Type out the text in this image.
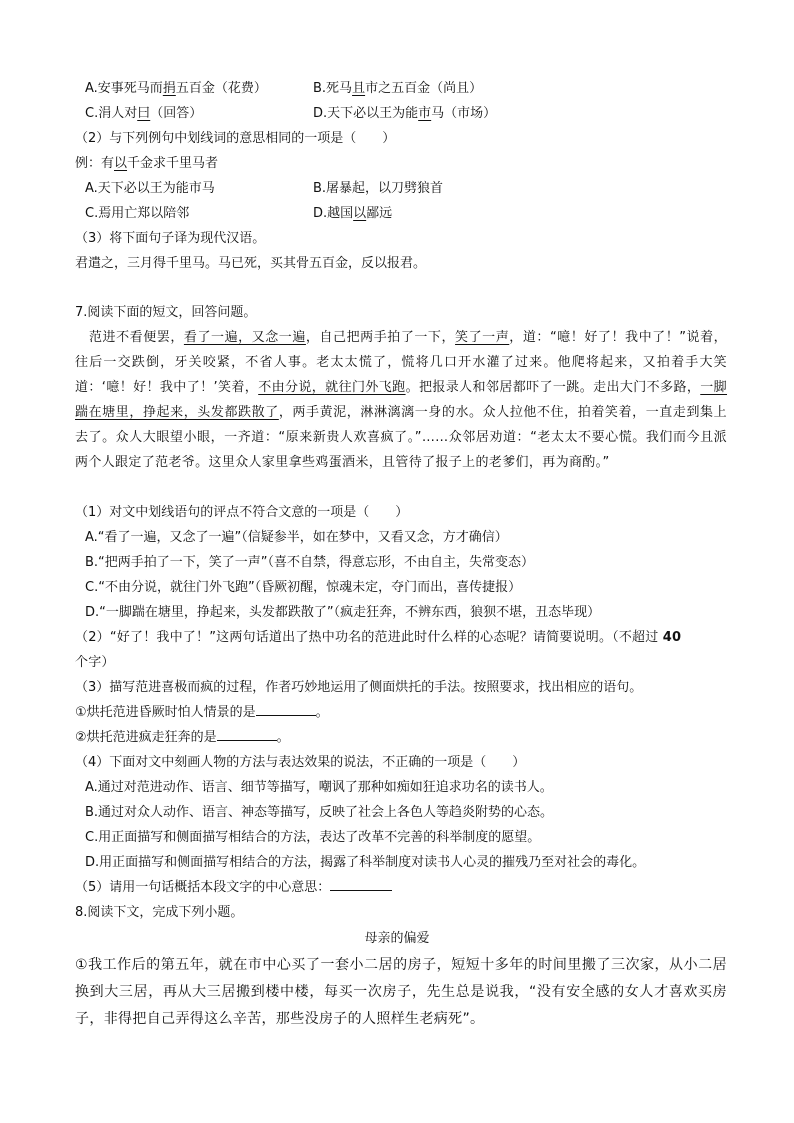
A.安事死马而捐五百金（花费）	B.死马且市之五百金（尚且）
C.涓人对曰（回答）	D.天下必以王为能市马（市场）
（2）与下列例句中划线词的意思相同的一项是（　　）
例：有以千金求千里马者
A.天下必以王为能市马	B.屠暴起，以刀劈狼首
C.焉用亡郑以陪邻	D.越国以鄙远
（3）将下面句子译为现代汉语。
君遣之，三月得千里马。马已死，买其骨五百金，反以报君。
7.阅读下面的短文，回答问题。
范进不看便罢，看了一遍，又念一遍，自己把两手拍了一下，笑了一声，道：“噫！好了！我中了！”说着，往后一交跌倒，牙关咬紧，不省人事。老太太慌了，慌将几口开水灌了过来。他爬将起来，又拍着手大笑道：‘噫！好！我中了！’笑着，不由分说，就往门外飞跑。把报录人和邻居都吓了一跳。走出大门不多路，一脚踹在塘里，挣起来，头发都跌散了，两手黄泥，淋淋漓漓一身的水。众人拉他不住，拍着笑着，一直走到集上去了。众人大眼望小眼，一齐道：“原来新贵人欢喜疯了。”……众邻居劝道：“老太太不要心慌。我们而今且派两个人跟定了范老爷。这里众人家里拿些鸡蛋酒米，且管待了报子上的老爹们，再为商酌。”
（1）对文中划线语句的评点不符合文意的一项是（　　）
A.“看了一遍，又念了一遍”（信疑参半，如在梦中，又看又念，方才确信）
B.“把两手拍了一下，笑了一声”（喜不自禁，得意忘形，不由自主，失常变态）
C.“不由分说，就往门外飞跑”（昏厥初醒，惊魂未定，夺门而出，喜传捷报）
D.“一脚踹在塘里，挣起来，头发都跌散了”（疯走狂奔，不辨东西，狼狈不堪，丑态毕现）
（2）“好了！我中了！”这两句话道出了热中功名的范进此时什么样的心态呢？请简要说明。（不超过 40
个字）
（3）描写范进喜极而疯的过程，作者巧妙地运用了侧面烘托的手法。按照要求，找出相应的语句。
①烘托范进昏厥时怕人情景的是	。
②烘托范进疯走狂奔的是	。
（4）下面对文中刻画人物的方法与表达效果的说法，不正确的一项是（　　）
A.通过对范进动作、语言、细节等描写，嘲讽了那种如痴如狂追求功名的读书人。
B.通过对众人动作、语言、神态等描写，反映了社会上各色人等趋炎附势的心态。
C.用正面描写和侧面描写相结合的方法，表达了改革不完善的科举制度的愿望。
D.用正面描写和侧面描写相结合的方法，揭露了科举制度对读书人心灵的摧残乃至对社会的毒化。
（5）请用一句话概括本段文字的中心意思：
8.阅读下文，完成下列小题。
母亲的偏爱
①我工作后的第五年，就在市中心买了一套小二居的房子，短短十多年的时间里搬了三次家，从小二居换到大三居，再从大三居搬到楼中楼，每买一次房子，先生总是说我，“没有安全感的女人才喜欢买房子，非得把自己弄得这么辛苦，那些没房子的人照样生老病死”。
